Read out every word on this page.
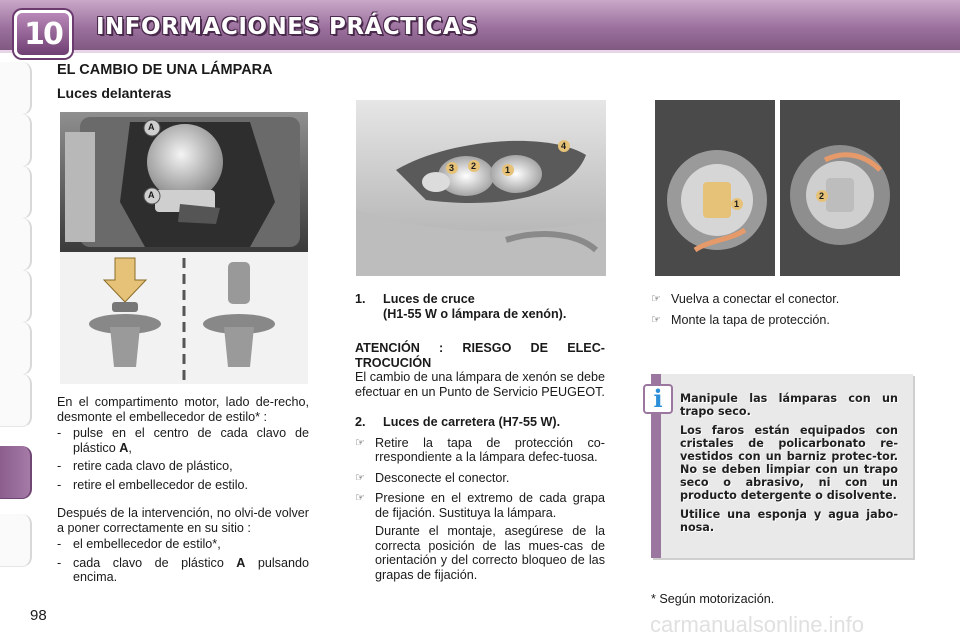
10	INFORMACIONES PRÁCTICAS
EL CAMBIO DE UNA LÁMPARA
Luces delanteras
A
A
3 2	1
4
1
2

En el compartimento motor, lado de-recho, desmonte el embellecedor de estilo* :

- pulse en el centro de cada clavo de plástico A,
- retire cada clavo de plástico,
- retire el embellecedor de estilo.

Después de la intervención, no olvi-de volver a poner correctamente en su sitio :

- el embellecedor de estilo*,
- cada clavo de plástico A pulsando encima.
1.	Luces de cruce
(H1-55 W o lámpara de xenón).
ATENCIÓN : RIESGO DE ELEC-TROCUCIÓN
El cambio de una lámpara de xenón se debe efectuar en un Punto de Servicio PEUGEOT.
2.	Luces de carretera (H7-55 W).
☞ Retire la tapa de protección co-rrespondiente a la lámpara defec-tuosa.
☞ Desconecte el conector.
☞ Presione en el extremo de cada grapa de fijación. Sustituya la lámpara.
Durante el montaje, asegúrese de la correcta posición de las mues-cas de orientación y del correcto bloqueo de las grapas de fijación.
☞ Vuelva a conectar el conector.
☞ Monte la tapa de protección.
i	Manipule las lámparas con un trapo seco.

Los faros están equipados con cristales de policarbonato re-vestidos con un barniz protec-tor. No se deben limpiar con un trapo seco o abrasivo, ni con un producto detergente o disolvente.

Utilice una esponja y agua jabo-nosa.

* Según motorización.
98	carmanualsonline.info
